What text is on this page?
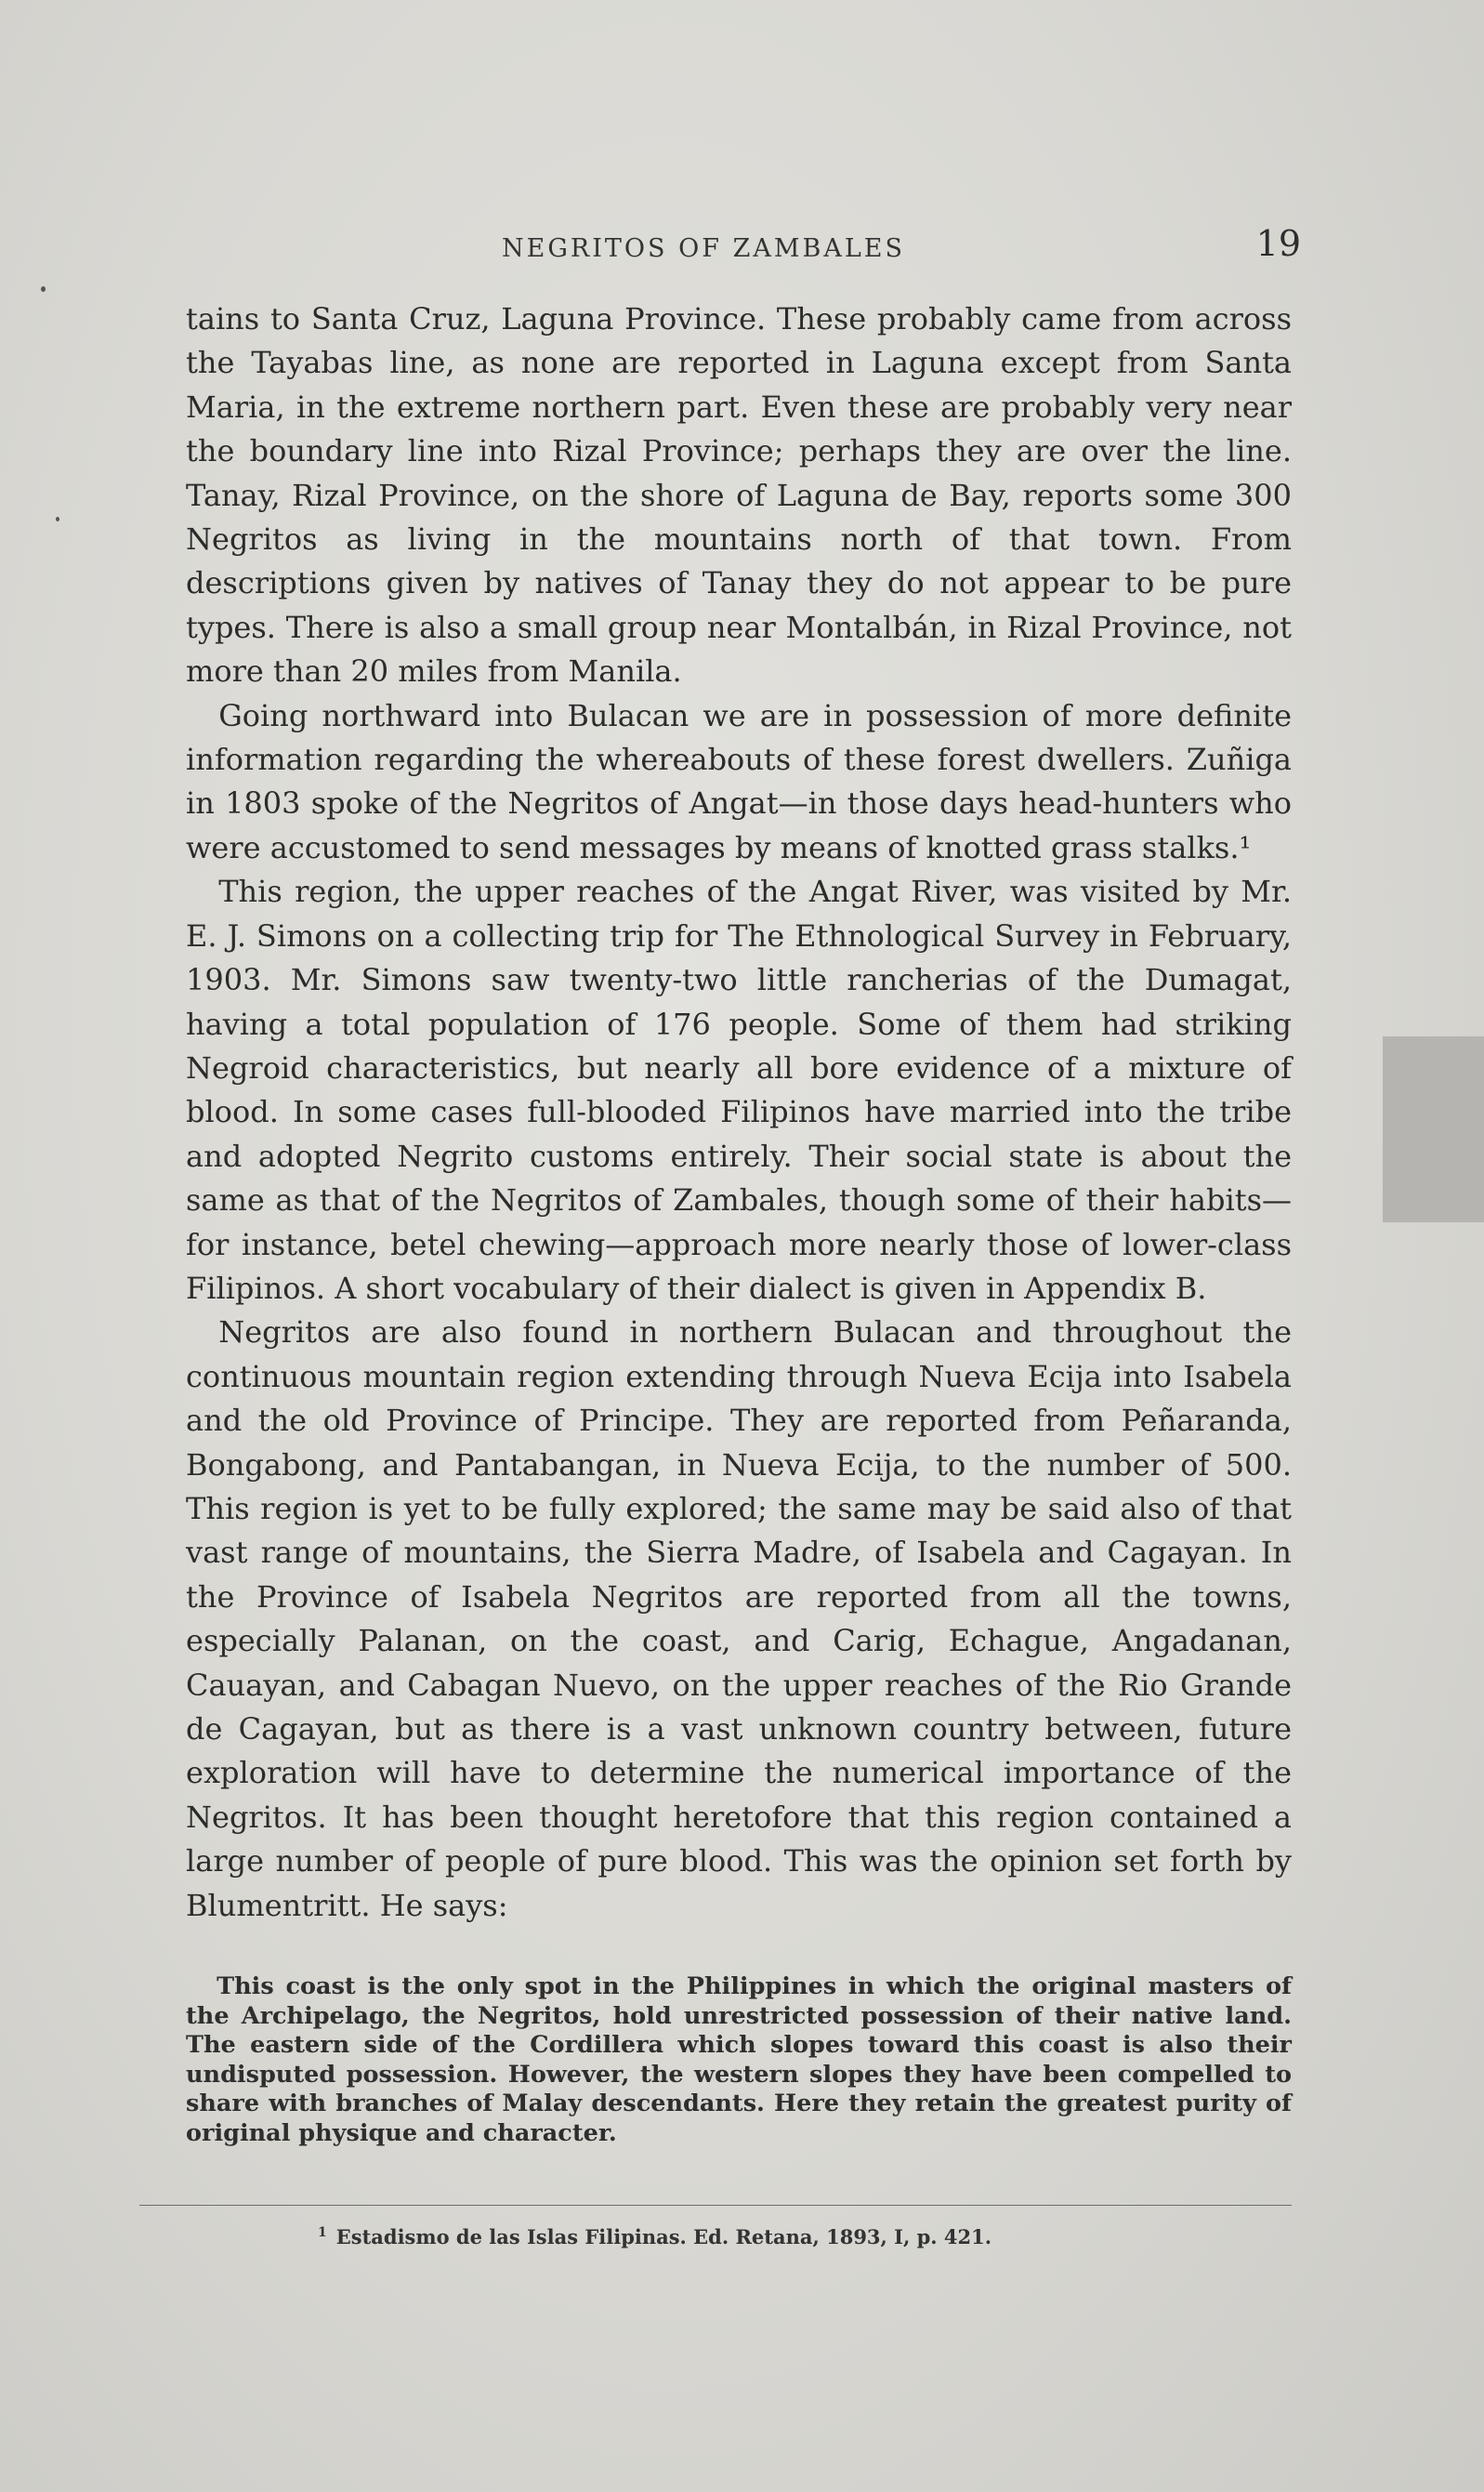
NEGRITOS OF ZAMBALES	19

tains to Santa Cruz, Laguna Province. These probably came from across the Tayabas line, as none are reported in Laguna except from Santa Maria, in the extreme northern part. Even these are probably very near the boundary line into Rizal Province; perhaps they are over the line. Tanay, Rizal Province, on the shore of Laguna de Bay, reports some 300 Negritos as living in the mountains north of that town. From descriptions given by natives of Tanay they do not appear to be pure types. There is also a small group near Montalbán, in Rizal Province, not more than 20 miles from Manila.

Going northward into Bulacan we are in possession of more definite information regarding the whereabouts of these forest dwellers. Zuñiga in 1803 spoke of the Negritos of Angat—in those days head-hunters who were accustomed to send messages by means of knotted grass stalks.¹

This region, the upper reaches of the Angat River, was visited by Mr. E. J. Simons on a collecting trip for The Ethnological Survey in February, 1903. Mr. Simons saw twenty-two little rancherias of the Dumagat, having a total population of 176 people. Some of them had striking Negroid characteristics, but nearly all bore evidence of a mixture of blood. In some cases full-blooded Filipinos have married into the tribe and adopted Negrito customs entirely. Their social state is about the same as that of the Negritos of Zambales, though some of their habits—for instance, betel chewing—approach more nearly those of lower-class Filipinos. A short vocabulary of their dialect is given in Appendix B.

Negritos are also found in northern Bulacan and throughout the continuous mountain region extending through Nueva Ecija into Isabela and the old Province of Principe. They are reported from Peñaranda, Bongabong, and Pantabangan, in Nueva Ecija, to the number of 500. This region is yet to be fully explored; the same may be said also of that vast range of mountains, the Sierra Madre, of Isabela and Cagayan. In the Province of Isabela Negritos are reported from all the towns, especially Palanan, on the coast, and Carig, Echague, Angadanan, Cauayan, and Cabagan Nuevo, on the upper reaches of the Rio Grande de Cagayan, but as there is a vast unknown country between, future exploration will have to determine the numerical importance of the Negritos. It has been thought heretofore that this region contained a large number of people of pure blood. This was the opinion set forth by Blumentritt. He says:

This coast is the only spot in the Philippines in which the original masters of the Archipelago, the Negritos, hold unrestricted possession of their native land. The eastern side of the Cordillera which slopes toward this coast is also their undisputed possession. However, the western slopes they have been compelled to share with branches of Malay descendants. Here they retain the greatest purity of original physique and character.
$^1$ Estadismo de las Islas Filipinas. Ed. Retana, 1893, I, p. 421.
